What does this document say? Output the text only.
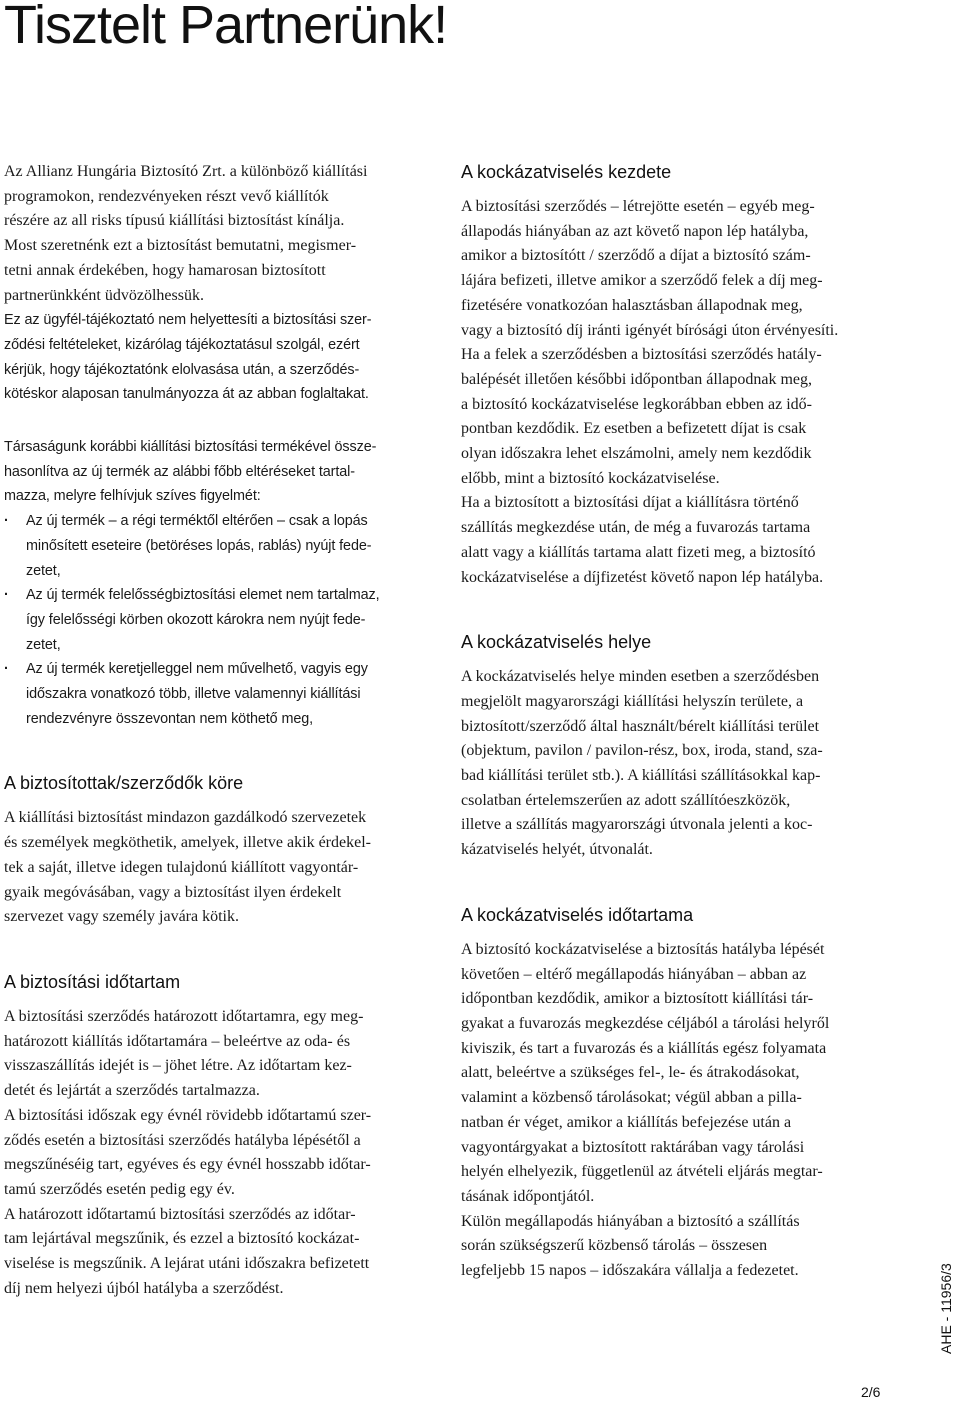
Tisztelt Partnerünk!

Az Allianz Hungária Biztosító Zrt. a különböző kiállítási
programokon, rendezvényeken részt vevő kiállítók
részére az all risks típusú kiállítási biztosítást kínálja.
Most szeretnénk ezt a biztosítást bemutatni, megismer-
tetni annak érdekében, hogy hamarosan biztosított
partnerünkként üdvözölhessük.

Ez az ügyfél-tájékoztató nem helyettesíti a biztosítási szer-
ződési feltételeket, kizárólag tájékoztatásul szolgál, ezért
kérjük, hogy tájékoztatónk elolvasása után, a szerződés-
kötéskor alaposan tanulmányozza át az abban foglaltakat.

Társaságunk korábbi kiállítási biztosítási termékével össze-
hasonlítva az új termék az alábbi főbb eltéréseket tartal-
mazza, melyre felhívjuk szíves figyelmét:

· Az új termék – a régi terméktől eltérően – csak a lopás
minősített eseteire (betöréses lopás, rablás) nyújt fede-
zetet,
· Az új termék felelősségbiztosítási elemet nem tartalmaz,
így felelősségi körben okozott károkra nem nyújt fede-
zetet,
· Az új termék keretjelleggel nem művelhető, vagyis egy
időszakra vonatkozó több, illetve valamennyi kiállítási
rendezvényre összevontan nem köthető meg,
A biztosítottak/szerződők köre

A kiállítási biztosítást mindazon gazdálkodó szervezetek
és személyek megköthetik, amelyek, illetve akik érdekel-
tek a saját, illetve idegen tulajdonú kiállított vagyontár-
gyaik megóvásában, vagy a biztosítást ilyen érdekelt
szervezet vagy személy javára kötik.

A biztosítási időtartam

A biztosítási szerződés határozott időtartamra, egy meg-
határozott kiállítás időtartamára – beleértve az oda- és
visszaszállítás idejét is – jöhet létre. Az időtartam kez-
detét és lejártát a szerződés tartalmazza.
A biztosítási időszak egy évnél rövidebb időtartamú szer-
ződés esetén a biztosítási szerződés hatályba lépésétől a
megszűnéséig tart, egyéves és egy évnél hosszabb időtar-
tamú szerződés esetén pedig egy év.
A határozott időtartamú biztosítási szerződés az időtar-
tam lejártával megszűnik, és ezzel a biztosító kockázat-
viselése is megszűnik. A lejárat utáni időszakra befizetett
díj nem helyezi újból hatályba a szerződést.

A kockázatviselés kezdete

A biztosítási szerződés – létrejötte esetén – egyéb meg-
állapodás hiányában az azt követő napon lép hatályba,
amikor a biztosítótt / szerződő a díjat a biztosító szám-
lájára befizeti, illetve amikor a szerződő felek a díj meg-
fizetésére vonatkozóan halasztásban állapodnak meg,
vagy a biztosító díj iránti igényét bírósági úton érvényesíti.
Ha a felek a szerződésben a biztosítási szerződés hatály-
balépését illetően későbbi időpontban állapodnak meg,
a biztosító kockázatviselése legkorábban ebben az idő-
pontban kezdődik. Ez esetben a befizetett díjat is csak
olyan időszakra lehet elszámolni, amely nem kezdődik
előbb, mint a biztosító kockázatviselése.
Ha a biztosított a biztosítási díjat a kiállításra történő
szállítás megkezdése után, de még a fuvarozás tartama
alatt vagy a kiállítás tartama alatt fizeti meg, a biztosító
kockázatviselése a díjfizetést követő napon lép hatályba.

A kockázatviselés helye

A kockázatviselés helye minden esetben a szerződésben
megjelölt magyarországi kiállítási helyszín területe, a
biztosított/szerződő által használt/bérelt kiállítási terület
(objektum, pavilon / pavilon-rész, box, iroda, stand, sza-
bad kiállítási terület stb.). A kiállítási szállításokkal kap-
csolatban értelemszerűen az adott szállítóeszközök,
illetve a szállítás magyarországi útvonala jelenti a koc-
kázatviselés helyét, útvonalát.

A kockázatviselés időtartama

A biztosító kockázatviselése a biztosítás hatályba lépését
követően – eltérő megállapodás hiányában – abban az
időpontban kezdődik, amikor a biztosított kiállítási tár-
gyakat a fuvarozás megkezdése céljából a tárolási helyről
kiviszik, és tart a fuvarozás és a kiállítás egész folyamata
alatt, beleértve a szükséges fel-, le- és átrakodásokat,
valamint a közbenső tárolásokat; végül abban a pilla-
natban ér véget, amikor a kiállítás befejezése után a
vagyontárgyakat a biztosított raktárában vagy tárolási
helyén elhelyezik, függetlenül az átvételi eljárás megtar-
tásának időpontjától.
Külön megállapodás hiányában a biztosító a szállítás
során szükségszerű közbenső tárolás – összesen
legfeljebb 15 napos – időszakára vállalja a fedezetet.	AHE - 11956/3
2/6
